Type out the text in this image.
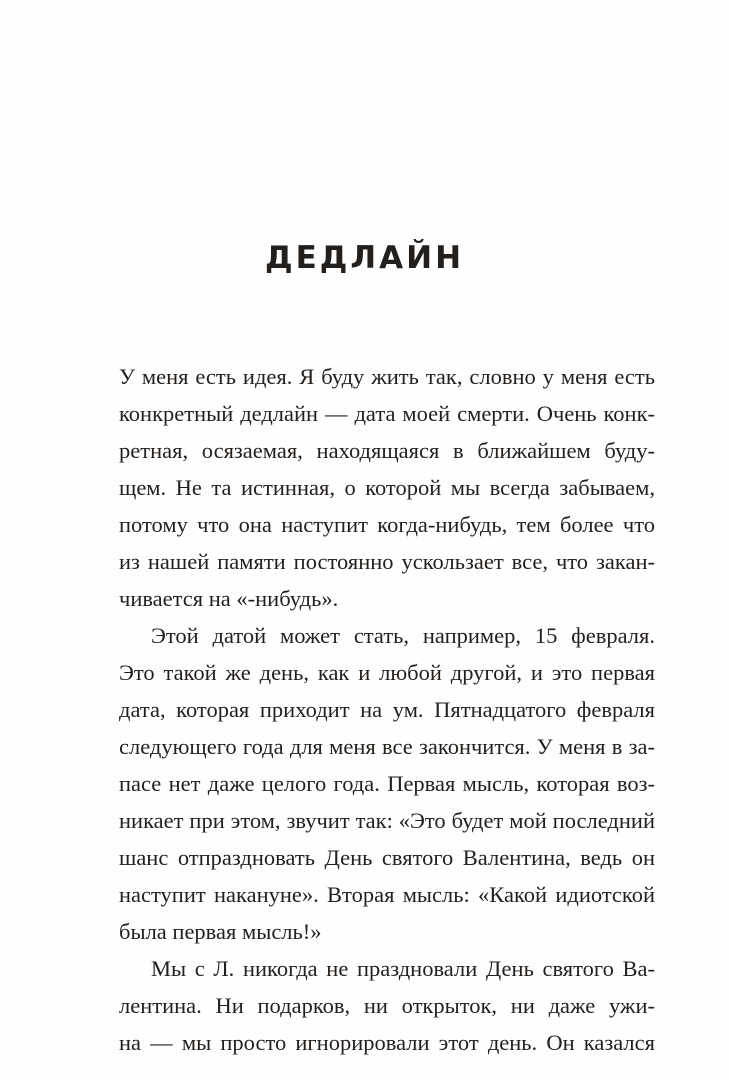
ДЕДЛАЙН
У меня есть идея. Я буду жить так, словно у меня есть
конкретный дедлайн — дата моей смерти. Очень конк-
ретная, осязаемая, находящаяся в ближайшем буду-
щем. Не та истинная, о которой мы всегда забываем,
потому что она наступит когда-нибудь, тем более что
из нашей памяти постоянно ускользает все, что закан-
чивается на «-нибудь».
Этой датой может стать, например, 15 февраля.
Это такой же день, как и любой другой, и это первая
дата, которая приходит на ум. Пятнадцатого февраля
следующего года для меня все закончится. У меня в за-
пасе нет даже целого года. Первая мысль, которая воз-
никает при этом, звучит так: «Это будет мой последний
шанс отпраздновать День святого Валентина, ведь он
наступит накануне». Вторая мысль: «Какой идиотской
была первая мысль!»
Мы с Л. никогда не праздновали День святого Ва-
лентина. Ни подарков, ни открыток, ни даже ужи-
на — мы просто игнорировали этот день. Он казался
